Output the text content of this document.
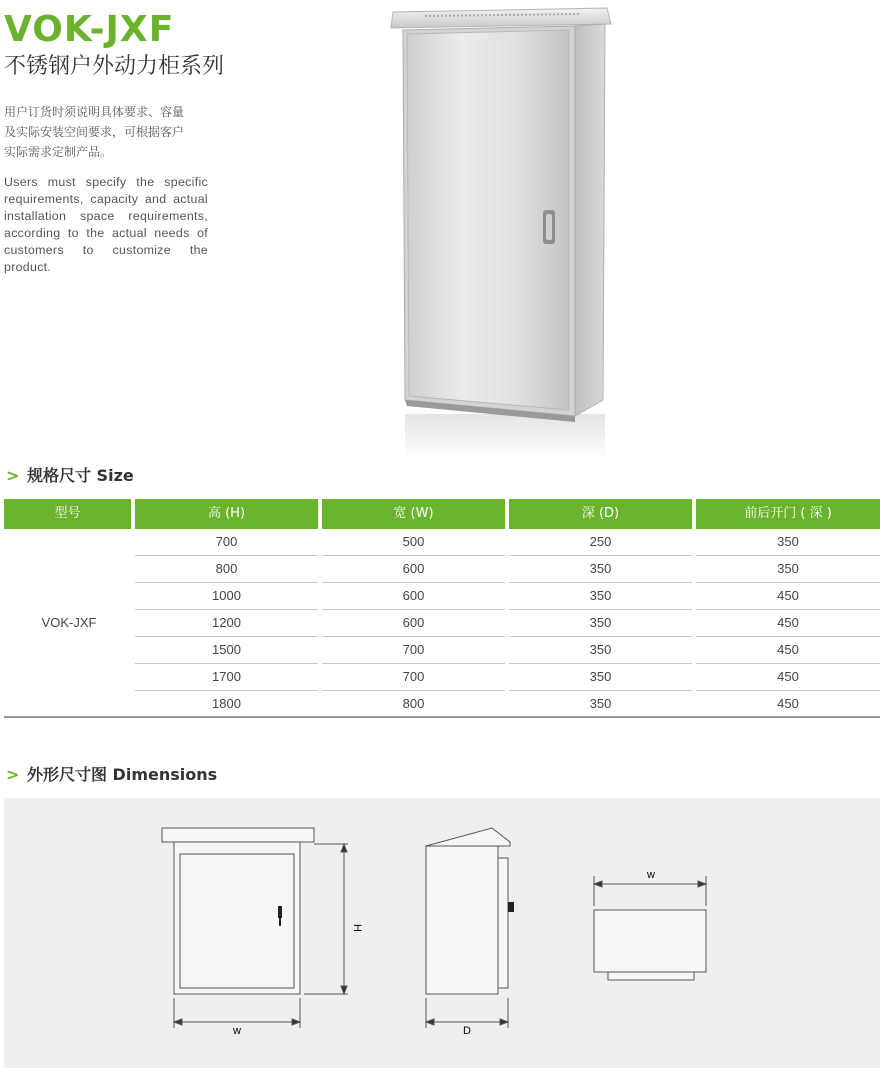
VOK-JXF
不锈钢户外动力柜系列
用户订货时须说明具体要求、容量
及实际安装空间要求，可根据客户
实际需求定制产品。
Users must specify the specific requirements, capacity and actual installation space requirements, according to the actual needs of customers to customize the product.
> 规格尺寸 Size
型号	高 (H)	宽 (W)	深 (D)	前后开门 ( 深 )
VOK-JXF
700	500	250	350
800	600	350	350
1000	600	350	450
1200	600	350	450
1500	700	350	450
1700	700	350	450
1800	800	350	450
> 外形尺寸图 Dimensions
H
w	D
w
